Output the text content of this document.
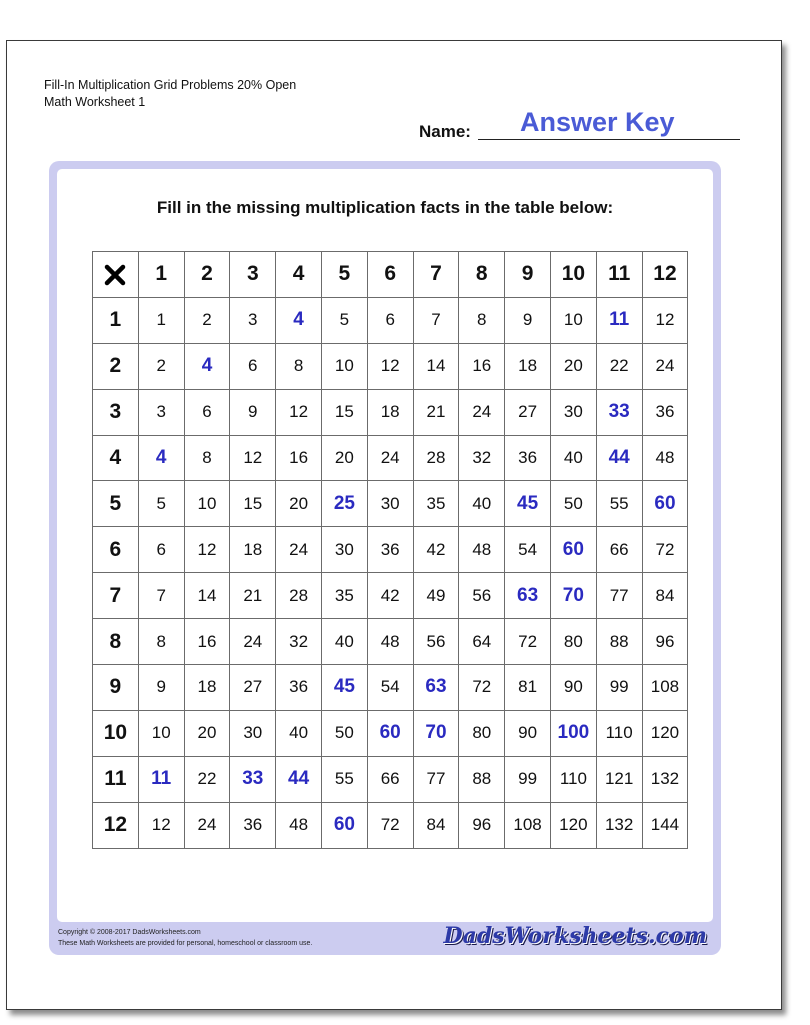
Fill-In Multiplication Grid Problems 20% Open
Math Worksheet 1
Name: Answer Key
Fill in the missing multiplication facts in the table below:
	1	2	3	4	5	6	7	8	9	10	11	12
1	1	2	3	4	5	6	7	8	9	10	11	12
2	2	4	6	8	10	12	14	16	18	20	22	24
3	3	6	9	12	15	18	21	24	27	30	33	36
4	4	8	12	16	20	24	28	32	36	40	44	48
5	5	10	15	20	25	30	35	40	45	50	55	60
6	6	12	18	24	30	36	42	48	54	60	66	72
7	7	14	21	28	35	42	49	56	63	70	77	84
8	8	16	24	32	40	48	56	64	72	80	88	96
9	9	18	27	36	45	54	63	72	81	90	99	108
10	10	20	30	40	50	60	70	80	90	100	110	120
11	11	22	33	44	55	66	77	88	99	110	121	132
12	12	24	36	48	60	72	84	96	108	120	132	144
Copyright © 2008-2017 DadsWorksheets.com
These Math Worksheets are provided for personal, homeschool or classroom use.	DadsWorksheets.com
